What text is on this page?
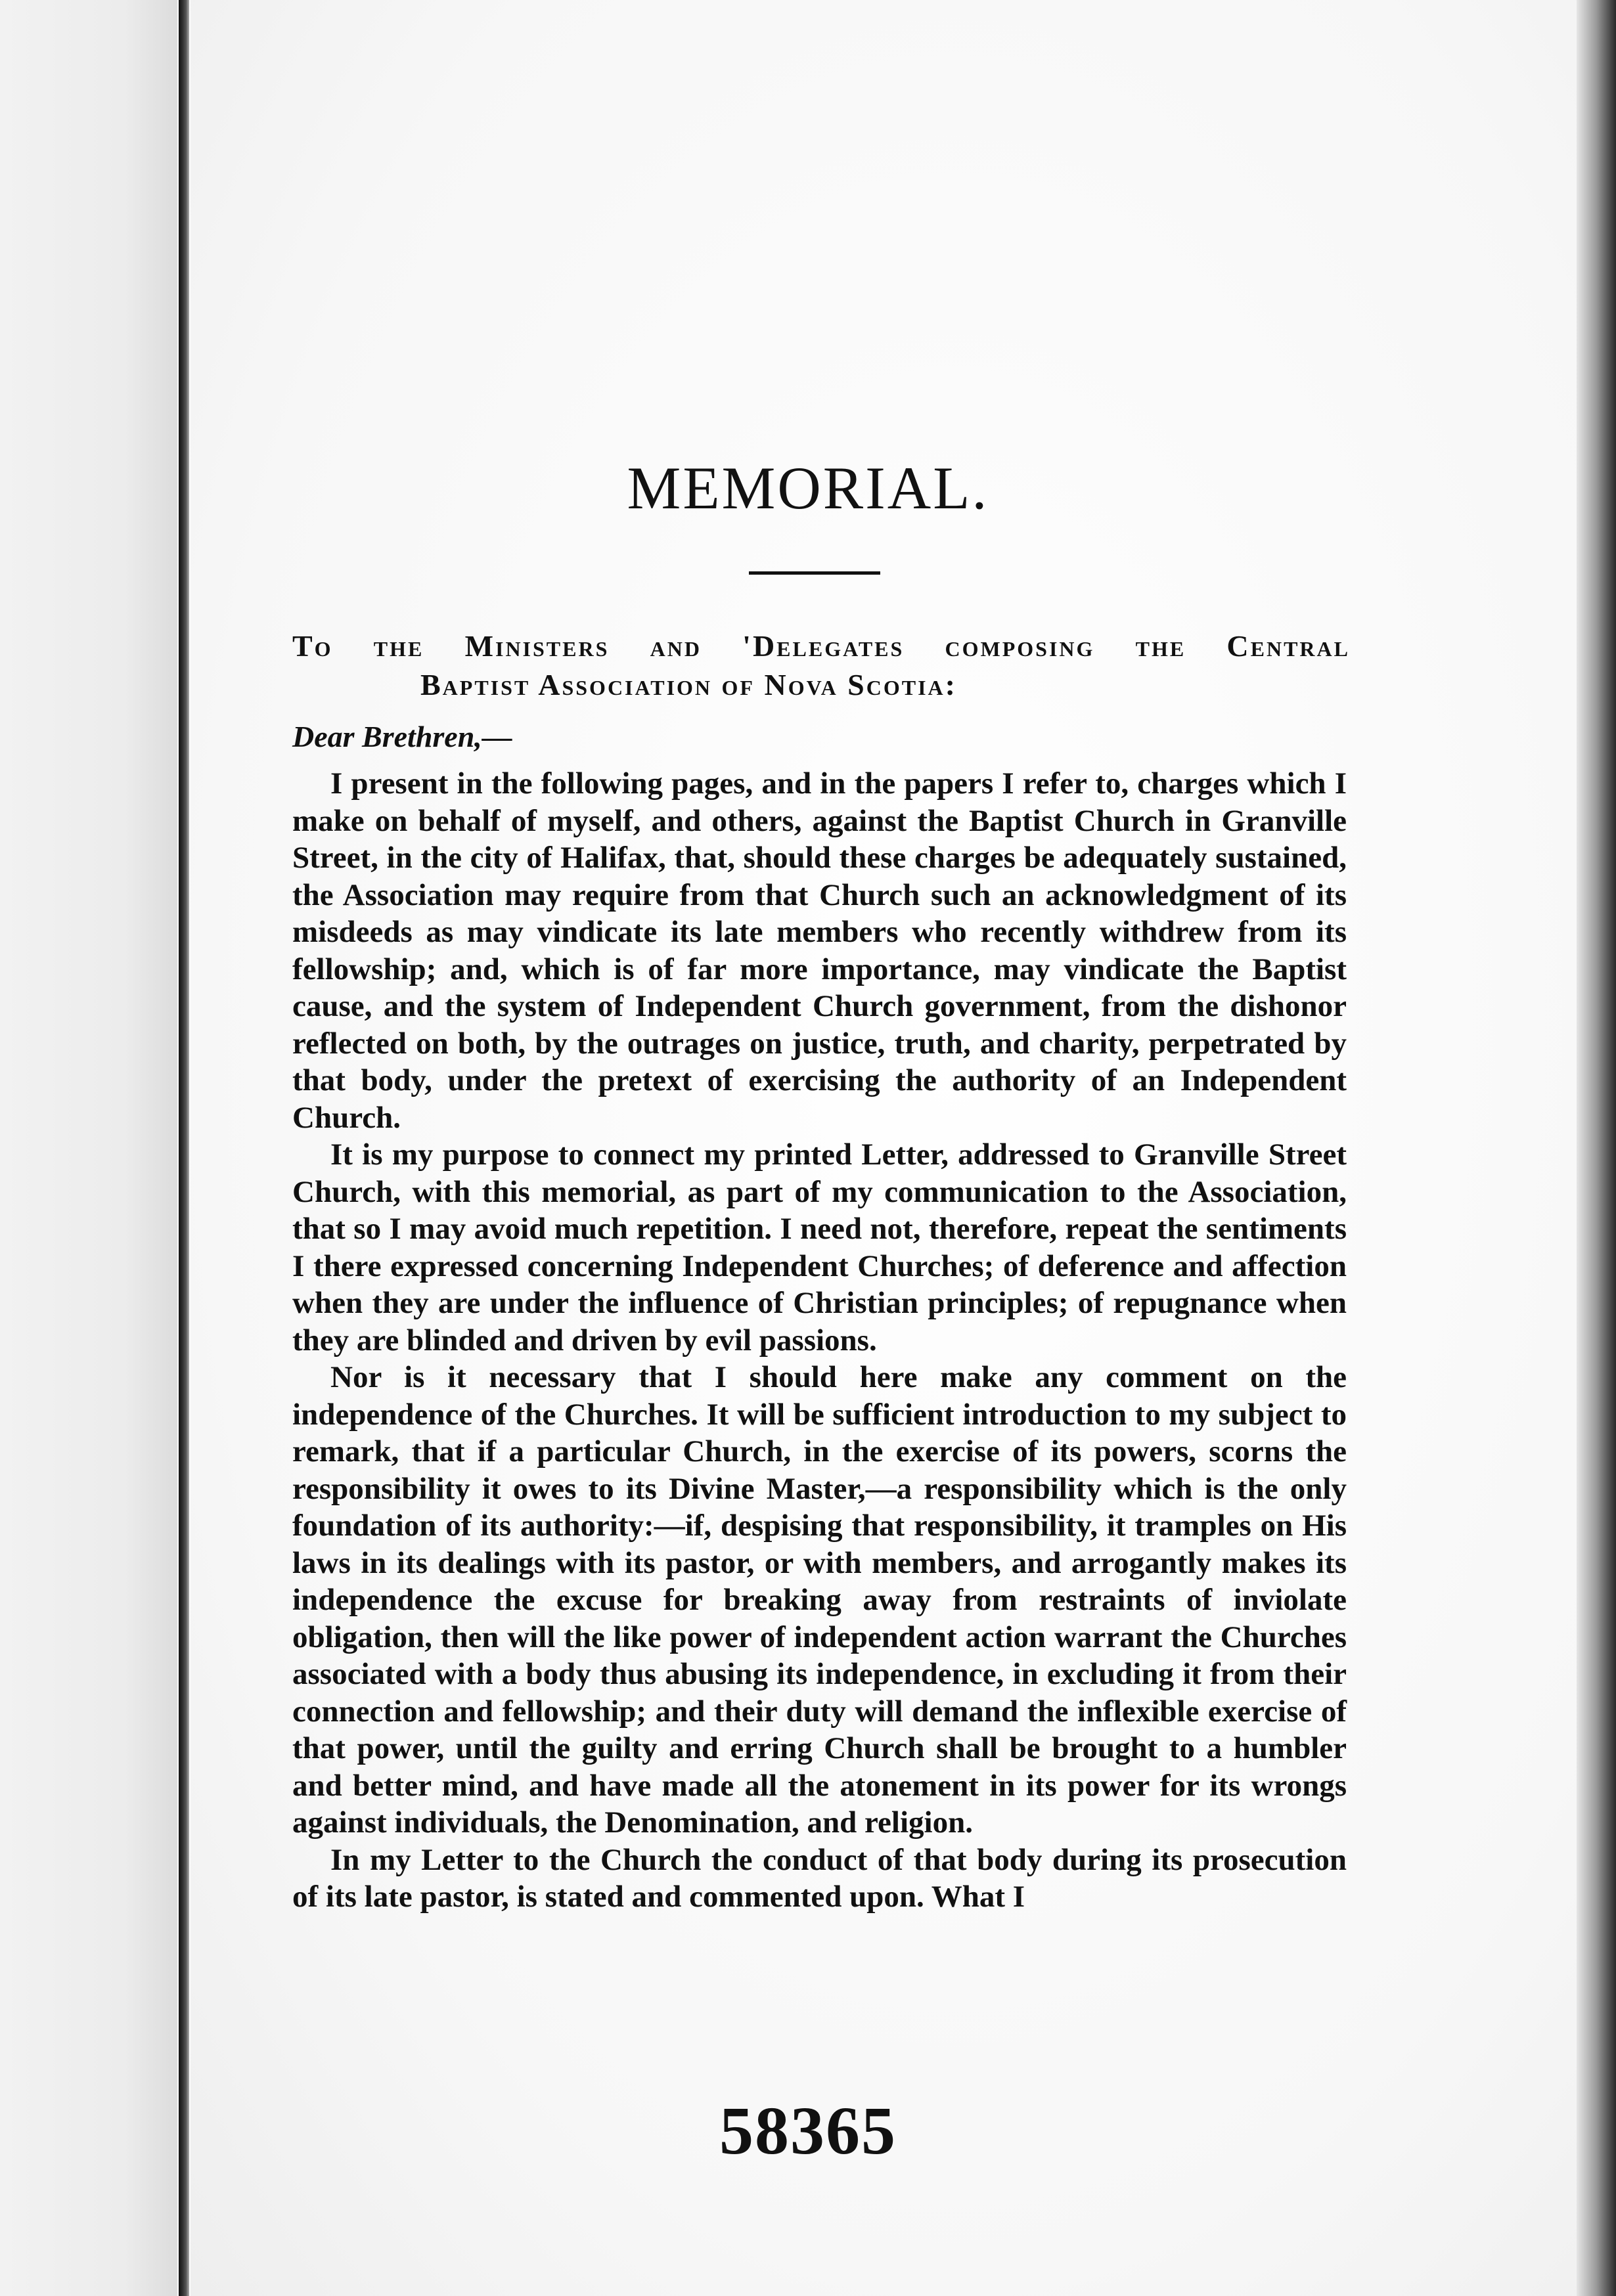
MEMORIAL.

To the Ministers and 'Delegates composing the Central

Baptist Association of Nova Scotia:

Dear Brethren,—

I present in the following pages, and in the papers I refer to, charges which I make on behalf of myself, and others, against the Baptist Church in Granville Street, in the city of Halifax, that, should these charges be adequately sustained, the Association may require from that Church such an acknowledgment of its misdeeds as may vindicate its late members who recently withdrew from its fellowship; and, which is of far more importance, may vindicate the Baptist cause, and the system of Independent Church government, from the dishonor reflected on both, by the outrages on justice, truth, and charity, perpetrated by that body, under the pretext of exercising the authority of an Independent Church.

It is my purpose to connect my printed Letter, addressed to Granville Street Church, with this memorial, as part of my communication to the Association, that so I may avoid much repetition. I need not, therefore, repeat the sentiments I there expressed concerning Independent Churches; of deference and affection when they are under the influence of Christian principles; of repugnance when they are blinded and driven by evil passions.

Nor is it necessary that I should here make any comment on the independence of the Churches. It will be sufficient introduction to my subject to remark, that if a particular Church, in the exercise of its powers, scorns the responsibility it owes to its Divine Master,—a responsibility which is the only foundation of its authority:—if, despising that responsibility, it tramples on His laws in its dealings with its pastor, or with members, and arrogantly makes its independence the excuse for breaking away from restraints of inviolate obligation, then will the like power of independent action warrant the Churches associated with a body thus abusing its independence, in excluding it from their connection and fellowship; and their duty will demand the inflexible exercise of that power, until the guilty and erring Church shall be brought to a humbler and better mind, and have made all the atonement in its power for its wrongs against individuals, the Denomination, and religion.

In my Letter to the Church the conduct of that body during its prosecution of its late pastor, is stated and commented upon. What I

58365
